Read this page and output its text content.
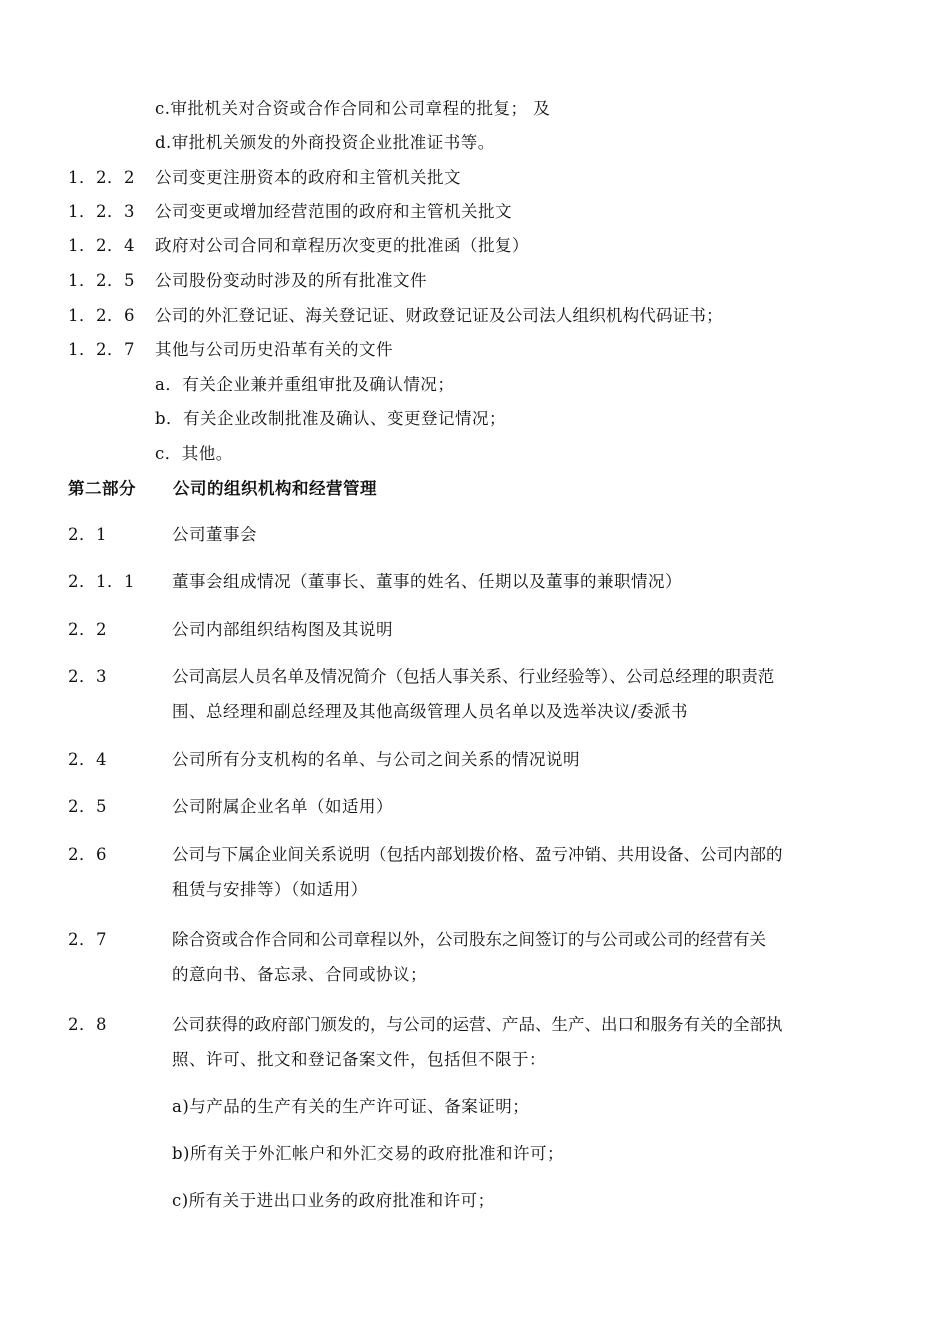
c.审批机关对合资或合作合同和公司章程的批复； 及
d.审批机关颁发的外商投资企业批准证书等。
1．2．2 公司变更注册资本的政府和主管机关批文
1．2．3 公司变更或增加经营范围的政府和主管机关批文
1．2．4 政府对公司合同和章程历次变更的批准函（批复）
1．2．5 公司股份变动时涉及的所有批准文件
1．2．6 公司的外汇登记证、海关登记证、财政登记证及公司法人组织机构代码证书；
1．2．7 其他与公司历史沿革有关的文件
a．有关企业兼并重组审批及确认情况；
b．有关企业改制批准及确认、变更登记情况；
c．其他。
第二部分 公司的组织机构和经营管理
2．1	公司董事会
2．1．1 董事会组成情况（董事长、董事的姓名、任期以及董事的兼职情况）
2．2	公司内部组织结构图及其说明
2．3	公司高层人员名单及情况简介（包括人事关系、行业经验等）、公司总经理的职责范
围、总经理和副总经理及其他高级管理人员名单以及选举决议/委派书
2．4	公司所有分支机构的名单、与公司之间关系的情况说明
2．5	公司附属企业名单（如适用）
2．6	公司与下属企业间关系说明（包括内部划拨价格、盈亏冲销、共用设备、公司内部的
租赁与安排等）（如适用）
2．7	除合资或合作合同和公司章程以外，公司股东之间签订的与公司或公司的经营有关
的意向书、备忘录、合同或协议；
2．8	公司获得的政府部门颁发的，与公司的运营、产品、生产、出口和服务有关的全部执
照、许可、批文和登记备案文件，包括但不限于：
a)与产品的生产有关的生产许可证、备案证明；
b)所有关于外汇帐户和外汇交易的政府批准和许可；
c)所有关于进出口业务的政府批准和许可；
